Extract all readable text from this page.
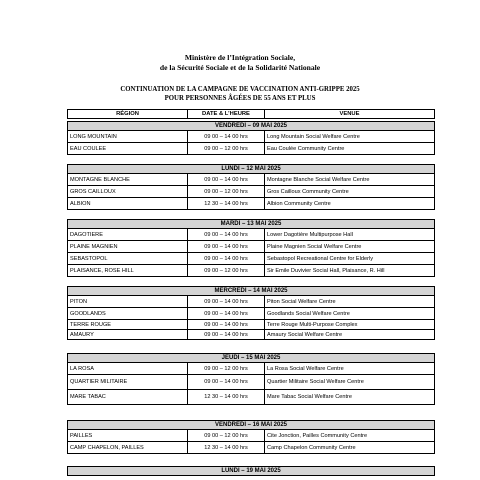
Ministère de l’Intégration Sociale,
de la Sécurité Sociale et de la Solidarité Nationale
CONTINUATION DE LA CAMPAGNE DE VACCINATION ANTI-GRIPPE 2025
POUR PERSONNES ÂGÉES DE 55 ANS ET PLUS
RÉGION	DATE & L’HEURE	VENUE
VENDREDI – 09 MAI 2025
LONG MOUNTAIN	09 00 – 14 00 hrs	Long Mountain Social Welfare Centre
EAU COULEE	09 00 – 12 00 hrs	Eau Coulée Community Centre
LUNDI – 12 MAI 2025
MONTAGNE BLANCHE	09 00 – 14 00 hrs	Montagne Blanche Social Welfare Centre
GROS CAILLOUX	09 00 – 12 00 hrs	Gros Cailloux Community Centre
ALBION	12 30 – 14 00 hrs	Albion Community Centre
MARDI – 13 MAI 2025
DAGOTIERE	09 00 – 14 00 hrs	Lower Dagotière Multipurpose Hall
PLAINE MAGNIEN	09 00 – 14 00 hrs	Plaine Magnien Social Welfare Centre
SEBASTOPOL	09 00 – 14 00 hrs	Sebastopol Recreational Centre for Elderly
PLAISANCE, ROSE HILL	09 00 – 12 00 hrs	Sir Emile Duvivier Social Hall, Plaisance, R. Hill
MERCREDI – 14 MAI 2025
PITON	09 00 – 14 00 hrs	Piton Social Welfare Centre
GOODLANDS	09 00 – 14 00 hrs	Goodlands Social Welfare Centre
TERRE ROUGE	09 00 – 14 00 hrs	Terre Rouge Multi-Purpose Complex
AMAURY	09 00 – 14 00 hrs	Amaury Social Welfare Centre
JEUDI – 15 MAI 2025
LA ROSA	09 00 – 12 00 hrs	La Rosa Social Welfare Centre
QUARTIER MILITAIRE	09 00 – 14 00 hrs	Quartier Militaire Social Welfare Centre
MARE TABAC	12 30 – 14 00 hrs	Mare Tabac Social Welfare Centre
VENDREDI – 16 MAI 2025
PAILLES	09 00 – 12 00 hrs	Cite Jonction, Pailles Community Centre
CAMP CHAPELON, PAILLES	12 30 – 14 00 hrs	Camp Chapelon Community Centre
LUNDI – 19 MAI 2025
